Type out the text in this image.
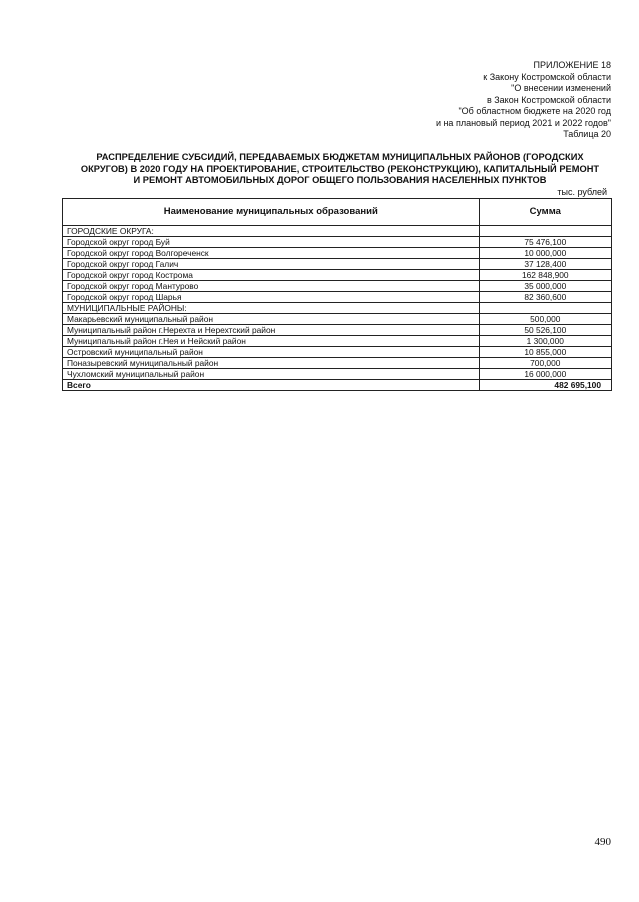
ПРИЛОЖЕНИЕ 18
к Закону Костромской области
"О внесении изменений
в Закон Костромской области
"Об областном бюджете на 2020 год
и на плановый период 2021 и 2022 годов"
Таблица 20
РАСПРЕДЕЛЕНИЕ СУБСИДИЙ, ПЕРЕДАВАЕМЫХ БЮДЖЕТАМ МУНИЦИПАЛЬНЫХ РАЙОНОВ (ГОРОДСКИХ
ОКРУГОВ) В 2020 ГОДУ НА ПРОЕКТИРОВАНИЕ, СТРОИТЕЛЬСТВО (РЕКОНСТРУКЦИЮ), КАПИТАЛЬНЫЙ РЕМОНТ
И РЕМОНТ АВТОМОБИЛЬНЫХ ДОРОГ ОБЩЕГО ПОЛЬЗОВАНИЯ НАСЕЛЕННЫХ ПУНКТОВ
тыс. рублей
Наименование муниципальных образований	Сумма
ГОРОДСКИЕ ОКРУГА:	
Городской округ город Буй	75 476,100
Городской округ город Волгореченск	10 000,000
Городской округ город Галич	37 128,400
Городской округ город Кострома	162 848,900
Городской округ город Мантурово	35 000,000
Городской округ город Шарья	82 360,600
МУНИЦИПАЛЬНЫЕ РАЙОНЫ:	
Макарьевский муниципальный район	500,000
Муниципальный район г.Нерехта и Нерехтский район	50 526,100
Муниципальный район г.Нея и Нейский район	1 300,000
Островский муниципальный район	10 855,000
Поназыревский муниципальный район	700,000
Чухломский муниципальный район	16 000,000
Всего	482 695,100
490
